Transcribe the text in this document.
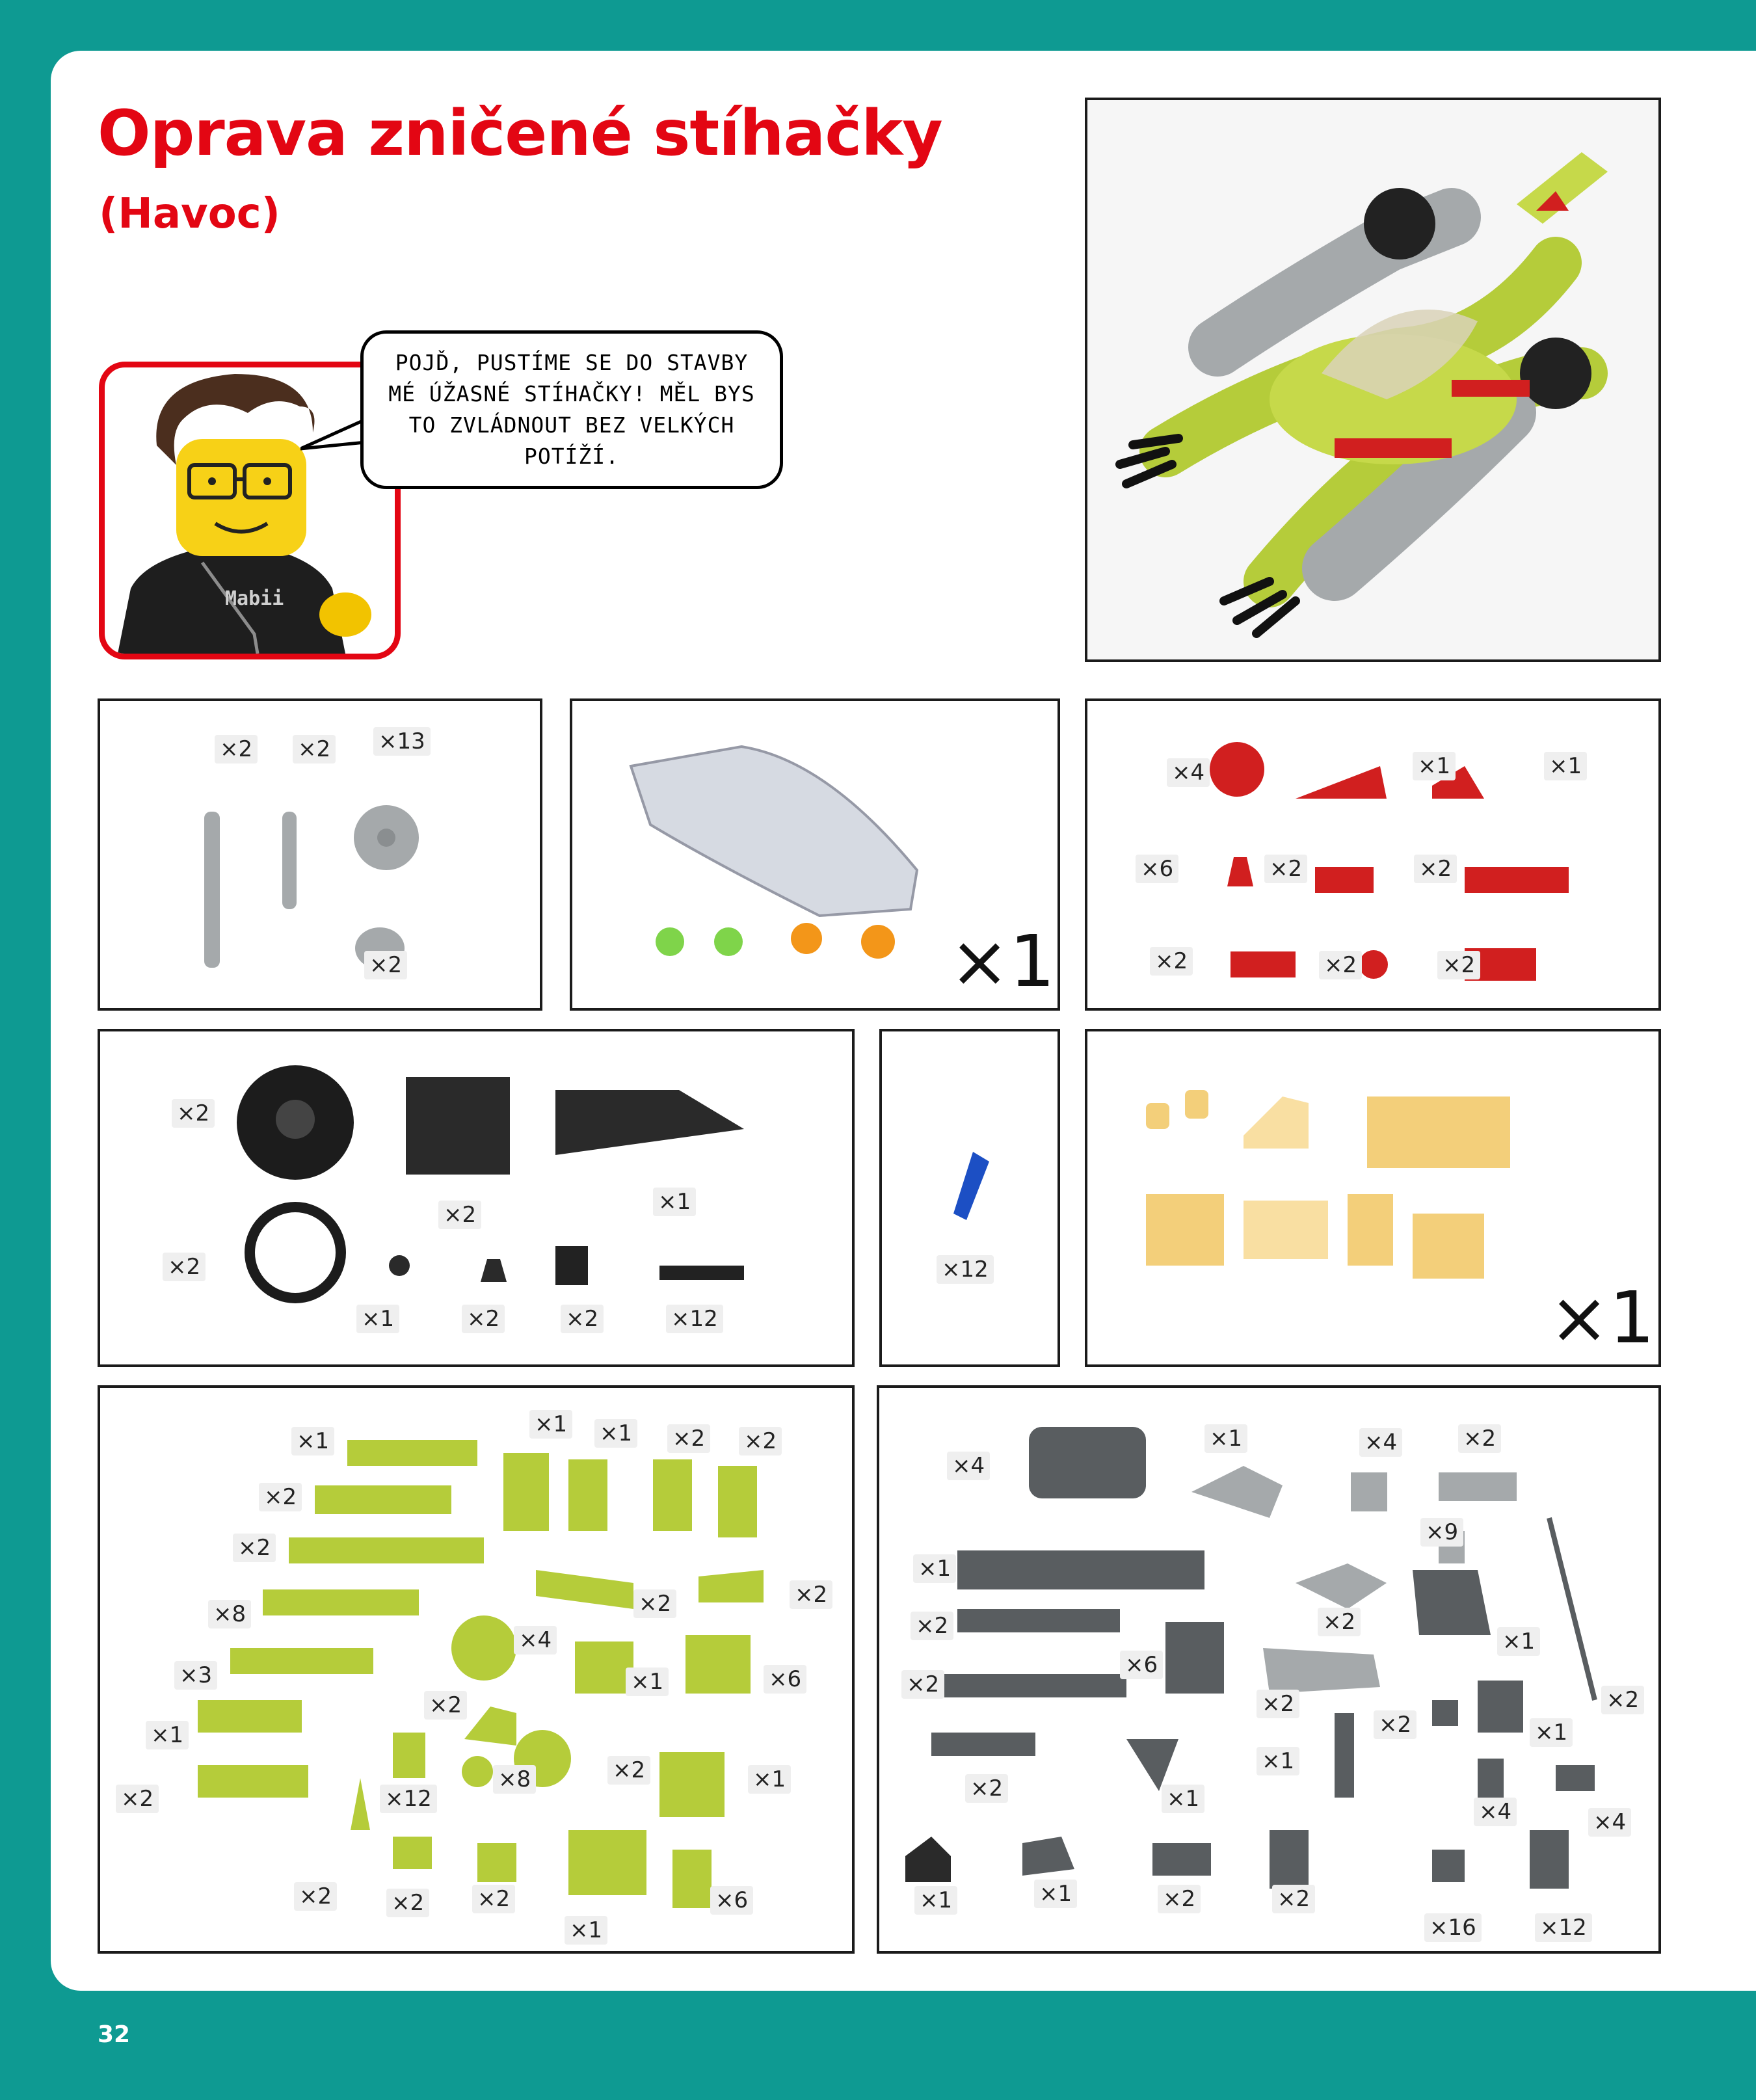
Oprava zničené stíhačky
(Havoc)
Mabii
POJĎ, PUSTÍME SE DO STAVBY MÉ ÚŽASNÉ STÍHAČKY! MĚL BYS TO ZVLÁDNOUT BEZ VELKÝCH POTÍŽÍ.
×2 ×2 ×13
×2	×1
×4	×1	×1
×6	×2	×2
×2	×2	×2
×2
×2	×1
×2
×1	×2	×2	×12
×12
×1
×1
×1 ×1 ×2 ×2
×2
×2
×2	×2
×8
×4
×1	×6
×3
×2
×1
×2	×12
×8	×1
×2
×2	×2 ×2
×1
×6
×4
×1	×4	×2
×9
×1
×2	×2
×1
×6
×2
×2
×2
×1
×1
×2
×2	×1	×4	×4
×1	×1	×2	×2
×16	×12
32
